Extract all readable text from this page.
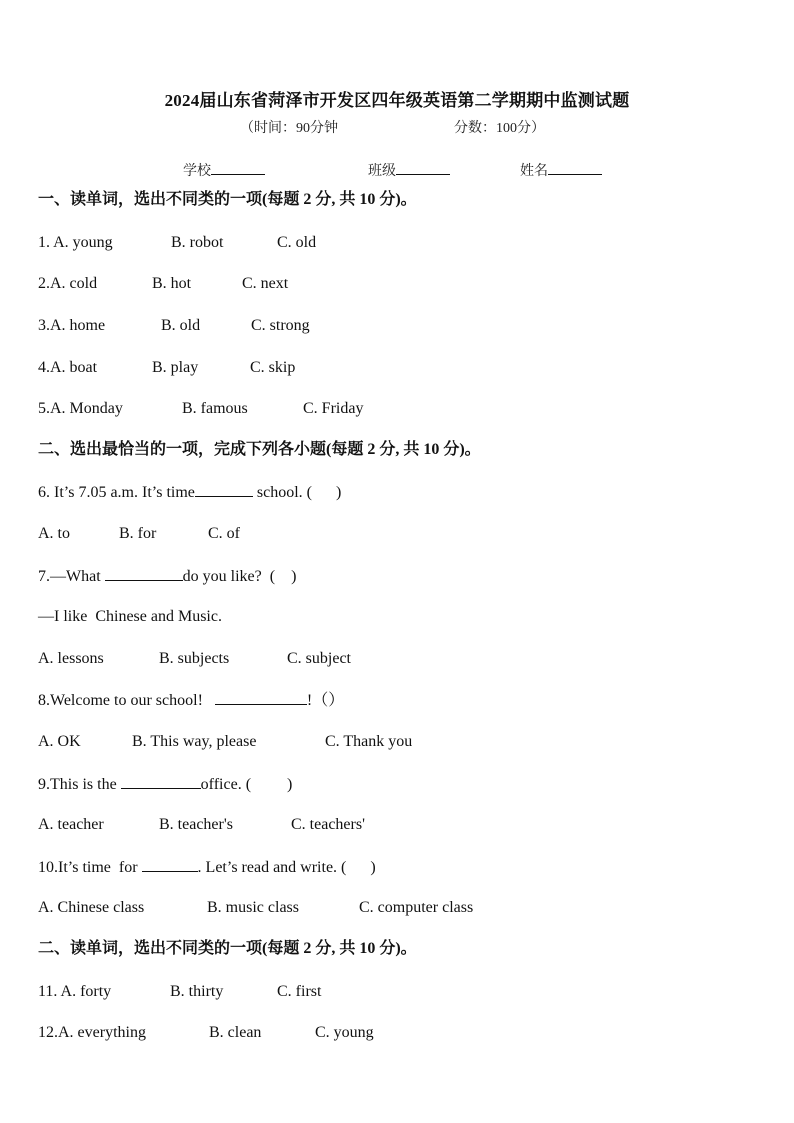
2024届山东省菏泽市开发区四年级英语第二学期期中监测试题
（时间：90分钟	分数：100分）
学校	班级	姓名
一、读单词，选出不同类的一项(每题 2 分, 共 10 分)。
1. A. young	B. robot	C. old
2.A. cold	B. hot	C. next
3.A. home	B. old	C. strong
4.A. boat	B. play	C. skip
5.A. Monday	B. famous	C. Friday
二、选出最恰当的一项，完成下列各小题(每题 2 分, 共 10 分)。
6. It’s 7.05 a.m. It’s time	school. (      )
A. to	B. for	C. of
7.—What	do you like?  (    )
—I like  Chinese and Music.
A. lessons	B. subjects	C. subject
8.Welcome to our school!	!（）
A. OK	B. This way, please	C. Thank you
9.This is the	office. (         )
A. teacher	B. teacher's	C. teachers'
10.It’s time  for	. Let’s read and write. (      )
A. Chinese class	B. music class	C. computer class
二、读单词，选出不同类的一项(每题 2 分, 共 10 分)。
11. A. forty	B. thirty	C. first
12.A. everything	B. clean	C. young
